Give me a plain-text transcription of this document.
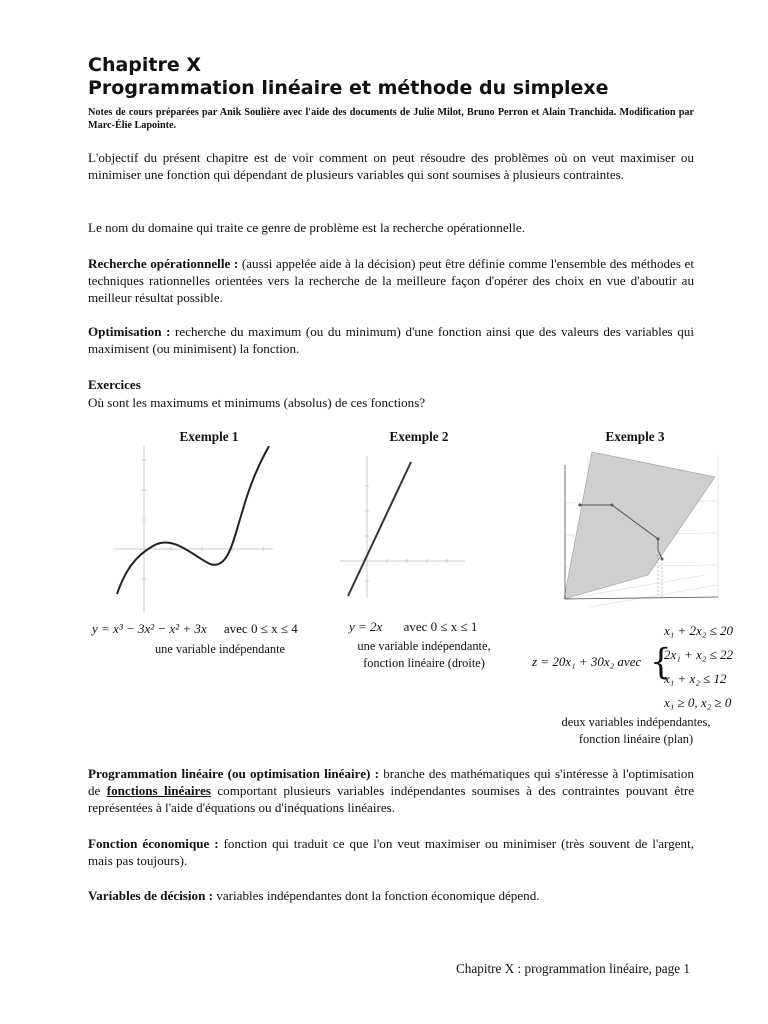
Chapitre X
Programmation linéaire et méthode du simplexe
Notes de cours préparées par Anik Soulière avec l'aide des documents de Julie Milot, Bruno Perron et Alain Tranchida. Modification par Marc-Élie Lapointe.
L'objectif du présent chapitre est de voir comment on peut résoudre des problèmes où on veut maximiser ou minimiser une fonction qui dépendant de plusieurs variables qui sont soumises à plusieurs contraintes.
Le nom du domaine qui traite ce genre de problème est la recherche opérationnelle.
Recherche opérationnelle : (aussi appelée aide à la décision) peut être définie comme l'ensemble des méthodes et techniques rationnelles orientées vers la recherche de la meilleure façon d'opérer des choix en vue d'aboutir au meilleur résultat possible.
Optimisation : recherche du maximum (ou du minimum) d'une fonction ainsi que des valeurs des variables qui maximisent (ou minimisent) la fonction.
Exercices
Où sont les maximums et minimums (absolus) de ces fonctions?
Exemple 1	Exemple 2	Exemple 3
y = x³ − 3x² − x² + 3x avec 0 ≤ x ≤ 4
une variable indépendante
y = 2x avec 0 ≤ x ≤ 1
une variable indépendante,
fonction linéaire (droite)	z = 20x₁ + 30x₂ avec {
x₁ + 2x₂ ≤ 20
2x₁ + x₂ ≤ 22
x₁ + x₂ ≤ 12
x₁ ≥ 0, x₂ ≥ 0
deux variables indépendantes,
fonction linéaire (plan)
Programmation linéaire (ou optimisation linéaire) : branche des mathématiques qui s'intéresse à l'optimisation de fonctions linéaires comportant plusieurs variables indépendantes soumises à des contraintes pouvant être représentées à l'aide d'équations ou d'inéquations linéaires.
Fonction économique : fonction qui traduit ce que l'on veut maximiser ou minimiser (très souvent de l'argent, mais pas toujours).
Variables de décision : variables indépendantes dont la fonction économique dépend.
Chapitre X : programmation linéaire, page 1
